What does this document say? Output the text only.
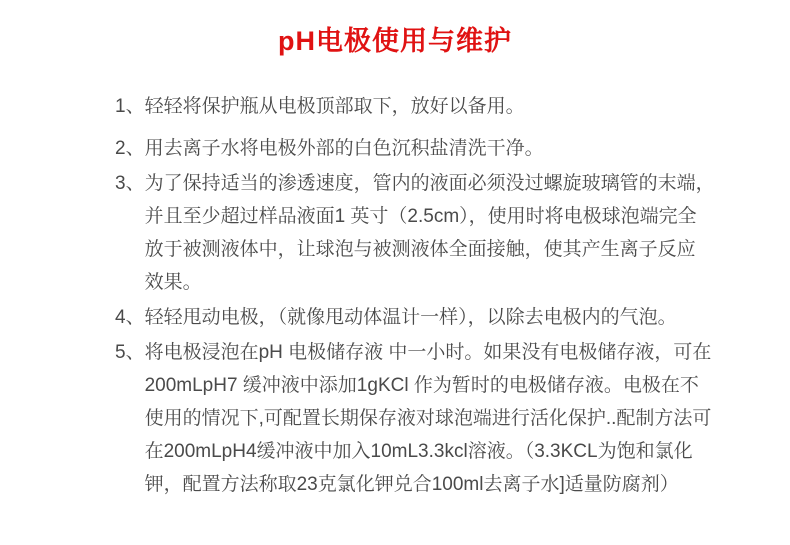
pH电极使用与维护
1、 轻轻将保护瓶从电极顶部取下，放好以备用。
2、 用去离子水将电极外部的白色沉积盐清洗干净。
3、 为了保持适当的渗透速度，管内的液面必须没过螺旋玻璃管的末端，
并且至少超过样品液面1 英寸（2.5cm），使用时将电极球泡端完全
放于被测液体中，让球泡与被测液体全面接触，使其产生离子反应
效果。
4、 轻轻甩动电极，（就像甩动体温计一样），以除去电极内的气泡。
5、 将电极浸泡在pH 电极储存液 中一小时。如果没有电极储存液，可在
200mLpH7 缓冲液中添加1gKCl 作为暂时的电极储存液。电极在不
使用的情况下,可配置长期保存液对球泡端进行活化保护..配制方法可
在200mLpH4缓冲液中加入10mL3.3kcl溶液。（3.3KCL为饱和氯化
钾，配置方法称取23克氯化钾兑合100ml去离子水]适量防腐剂）
